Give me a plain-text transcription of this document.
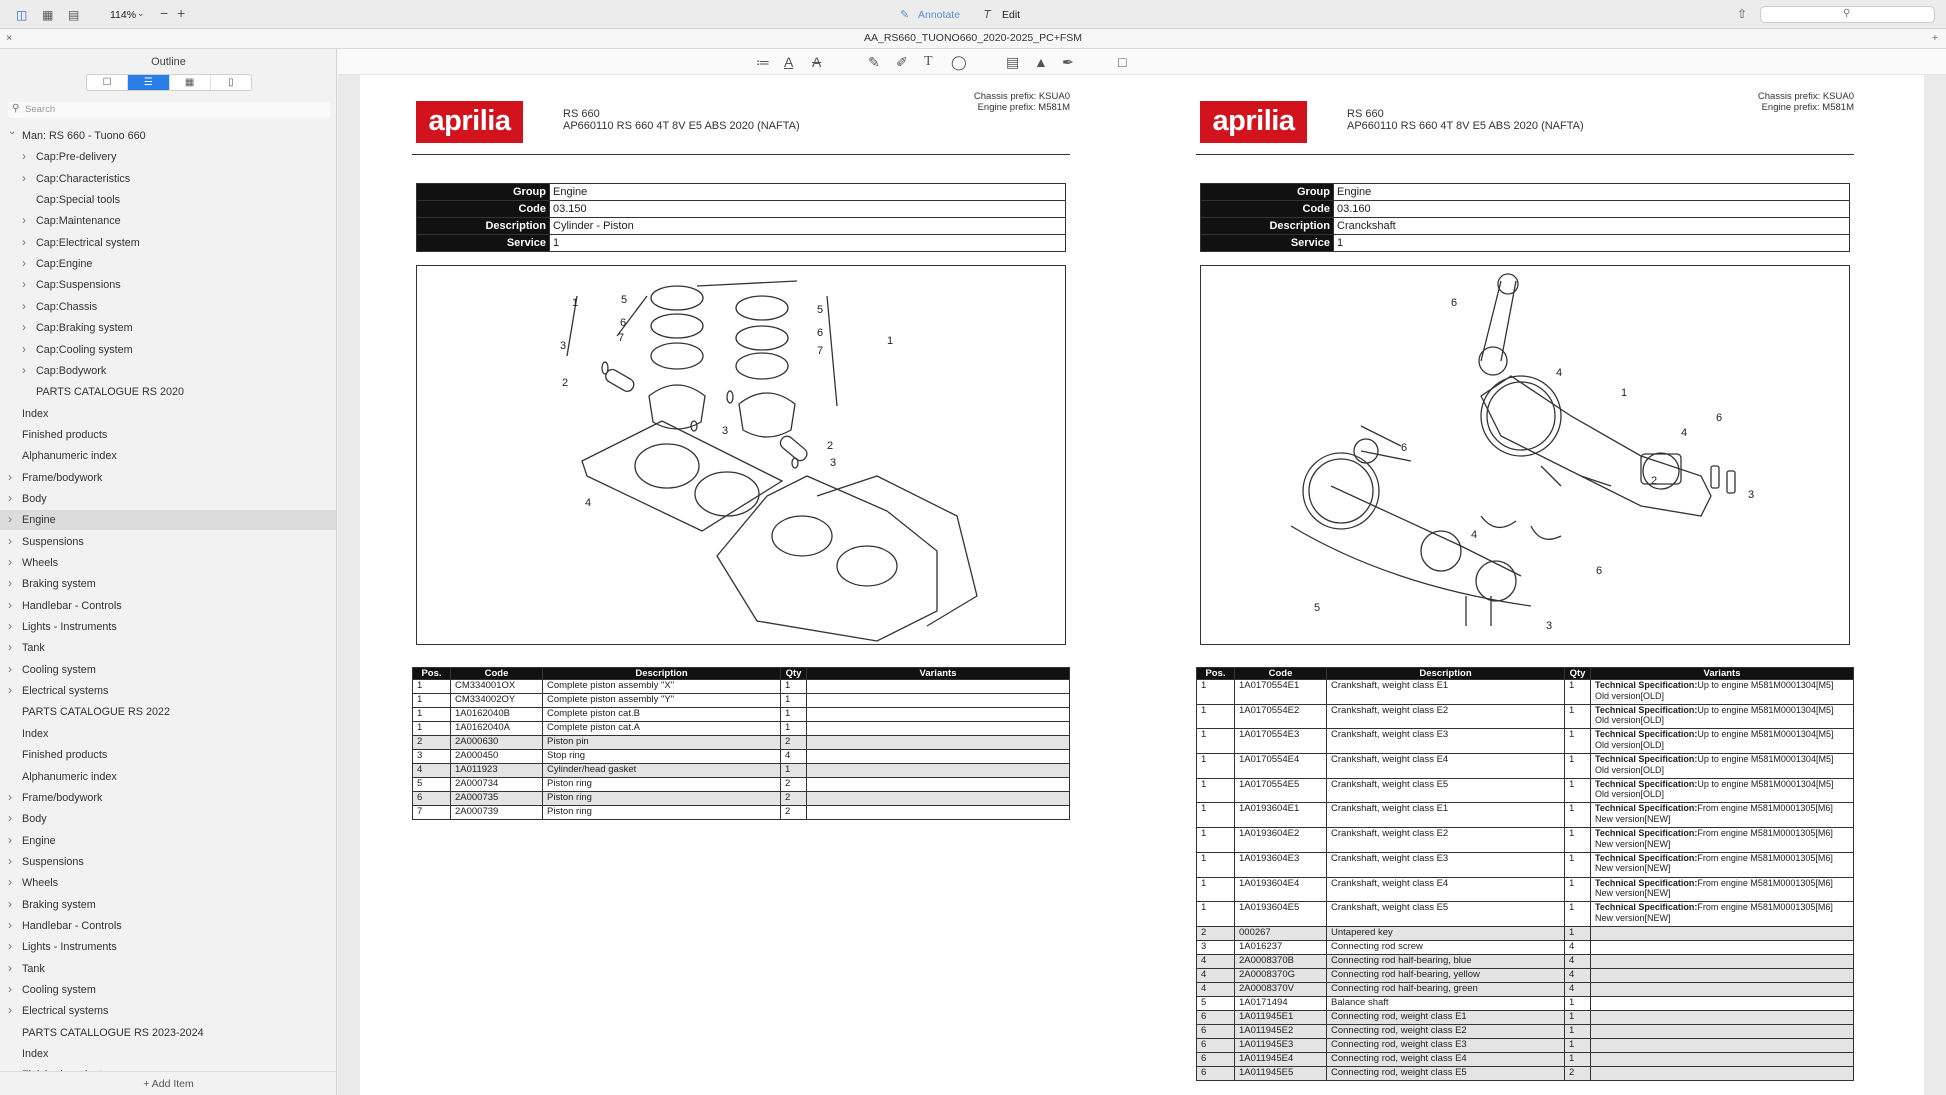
◫ ▦ ▤	114% ⌄ − +	✎ Annotate 𝘛 Edit	⇧	⚲
×	AA_RS660_TUONO660_2020-2025_PC+FSM	+
Outline
☐	☰	▦	▯
⚲ Search
⌄ Man: RS 660 - Tuono 660
› Cap:Pre-delivery
› Cap:Characteristics
Cap:Special tools
› Cap:Maintenance
› Cap:Electrical system
› Cap:Engine
› Cap:Suspensions
› Cap:Chassis
› Cap:Braking system
› Cap:Cooling system
› Cap:Bodywork
PARTS CATALOGUE RS 2020
Index
Finished products
Alphanumeric index
› Frame/bodywork
› Body
› Engine
› Suspensions
› Wheels
› Braking system
› Handlebar - Controls
› Lights - Instruments
› Tank
› Cooling system
› Electrical systems
PARTS CATALOGUE RS 2022
Index
Finished products
Alphanumeric index
› Frame/bodywork
› Body
› Engine
› Suspensions
› Wheels
› Braking system
› Handlebar - Controls
› Lights - Instruments
› Tank
› Cooling system
› Electrical systems
PARTS CATALLOGUE RS 2023-2024
Index
+ Add Item
≔ A A	✎ ✐ T ◯	▤ ▲ ✒	□
aprilia	RS 660
AP660110 RS 660 4T 8V E5 ABS 2020 (NAFTA)
Chassis prefix: KSUA0
Engine prefix: M581M
Group	Engine
Code	03.150
Description	Cylinder - Piston
Service	1
1
2
3
4
5
6
7
5
6
7
1
2
3
3
Pos.	Code	Description	Qty	Variants
1	CM334001OX	Complete piston assembly "X"	1	
1	CM334002OY	Complete piston assembly "Y"	1	
1	1A0162040B	Complete piston cat.B	1	
1	1A0162040A	Complete piston cat.A	1	
2	2A000630	Piston pin	2	
3	2A000450	Stop ring	4	
4	1A011923	Cylinder/head gasket	1	
5	2A000734	Piston ring	2	
6	2A000735	Piston ring	2	
7	2A000739	Piston ring	2	
aprilia	RS 660
AP660110 RS 660 4T 8V E5 ABS 2020 (NAFTA)
Chassis prefix: KSUA0
Engine prefix: M581M
Group	Engine
Code	03.160
Description	Cranckshaft
Service	1
6
4
1
6
4
6
2
3
4
6
5
3
Pos.	Code	Description	Qty	Variants
1	1A0170554E1	Crankshaft, weight class E1	1	Technical Specification:Up to engine M581M0001304[M5]
Old version[OLD]

1	1A0170554E2	Crankshaft, weight class E2	1	Technical Specification:Up to engine M581M0001304[M5]
Old version[OLD]

1	1A0170554E3	Crankshaft, weight class E3	1	Technical Specification:Up to engine M581M0001304[M5]
Old version[OLD]

1	1A0170554E4	Crankshaft, weight class E4	1	Technical Specification:Up to engine M581M0001304[M5]
Old version[OLD]

1	1A0170554E5	Crankshaft, weight class E5	1	Technical Specification:Up to engine M581M0001304[M5]
Old version[OLD]

1	1A0193604E1	Crankshaft, weight class E1	1	Technical Specification:From engine M581M0001305[M6]
New version[NEW]

1	1A0193604E2	Crankshaft, weight class E2	1	Technical Specification:From engine M581M0001305[M6]
New version[NEW]

1	1A0193604E3	Crankshaft, weight class E3	1	Technical Specification:From engine M581M0001305[M6]
New version[NEW]

1	1A0193604E4	Crankshaft, weight class E4	1	Technical Specification:From engine M581M0001305[M6]
New version[NEW]

1	1A0193604E5	Crankshaft, weight class E5	1	Technical Specification:From engine M581M0001305[M6]
New version[NEW]

2	000267	Untapered key	1	
3	1A016237	Connecting rod screw	4	
4	2A0008370B	Connecting rod half-bearing, blue	4	
4	2A0008370G	Connecting rod half-bearing, yellow	4	
4	2A0008370V	Connecting rod half-bearing, green	4	
5	1A0171494	Balance shaft	1	
6	1A011945E1	Connecting rod, weight class E1	1	
6	1A011945E2	Connecting rod, weight class E2	1	
6	1A011945E3	Connecting rod, weight class E3	1	
6	1A011945E4	Connecting rod, weight class E4	1	
6	1A011945E5	Connecting rod, weight class E5	2	
